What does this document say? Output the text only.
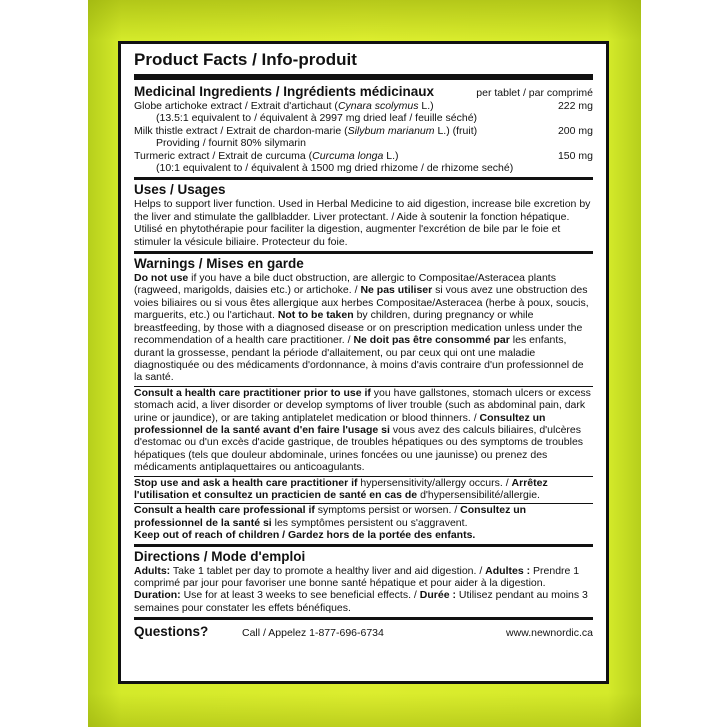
Product Facts / Info-produit
Medicinal Ingredients / Ingrédients médicinaux	per tablet / par comprimé
Globe artichoke extract / Extrait d'artichaut (Cynara scolymus L.)	222 mg
(13.5:1 equivalent to / équivalent à 2997 mg dried leaf / feuille séché)
Milk thistle extract / Extrait de chardon-marie (Silybum marianum L.) (fruit)	200 mg
Providing / fournit 80% silymarin
Turmeric extract / Extrait de curcuma (Curcuma longa L.)	150 mg
(10:1 equivalent to / équivalent à 1500 mg dried rhizome / de rhizome seché)
Uses / Usages
Helps to support liver function. Used in Herbal Medicine to aid digestion, increase bile excretion by the liver and stimulate the gallbladder. Liver protectant. / Aide à soutenir la fonction hépatique. Utilisé en phytothérapie pour faciliter la digestion, augmenter l'excrétion de bile par le foie et stimuler la vésicule biliaire. Protecteur du foie.
Warnings / Mises en garde
Do not use if you have a bile duct obstruction, are allergic to Compositae/Asteracea plants (ragweed, marigolds, daisies etc.) or artichoke. / Ne pas utiliser si vous avez une obstruction des voies biliaires ou si vous êtes allergique aux herbes Compositae/Asteracea (herbe à poux, soucis, marguerits, etc.) ou l'artichaut. Not to be taken by children, during pregnancy or while breastfeeding, by those with a diagnosed disease or on prescription medication unless under the recommendation of a health care practitioner. / Ne doit pas être consommé par les enfants, durant la grossesse, pendant la période d'allaitement, ou par ceux qui ont une maladie diagnostiquée ou des médicaments d'ordonnance, à moins d'avis contraire d'un professionnel de la santé.
Consult a health care practitioner prior to use if you have gallstones, stomach ulcers or excess stomach acid, a liver disorder or develop symptoms of liver trouble (such as abdominal pain, dark urine or jaundice), or are taking antiplatelet medication or blood thinners. / Consultez un professionnel de la santé avant d'en faire l'usage si vous avez des calculs biliaires, d'ulcères d'estomac ou d'un excès d'acide gastrique, de troubles hépatiques ou des symptoms de troubles hépatiques (tels que douleur abdominale, urines foncées ou une jaunisse) ou prenez des médicaments antiplaquettaires ou anticoagulants.
Stop use and ask a health care practitioner if hypersensitivity/allergy occurs. / Arrêtez l'utilisation et consultez un practicien de santé en cas de d'hypersensibilité/allergie.
Consult a health care professional if symptoms persist or worsen. / Consultez un professionnel de la santé si les symptômes persistent ou s'aggravent.
Keep out of reach of children / Gardez hors de la portée des enfants.
Directions / Mode d'emploi
Adults: Take 1 tablet per day to promote a healthy liver and aid digestion. / Adultes : Prendre 1 comprimé par jour pour favoriser une bonne santé hépatique et pour aider à la digestion.
Duration: Use for at least 3 weeks to see beneficial effects. / Durée : Utilisez pendant au moins 3 semaines pour constater les effets bénéfiques.
Questions?	Call / Appelez 1-877-696-6734	www.newnordic.ca
